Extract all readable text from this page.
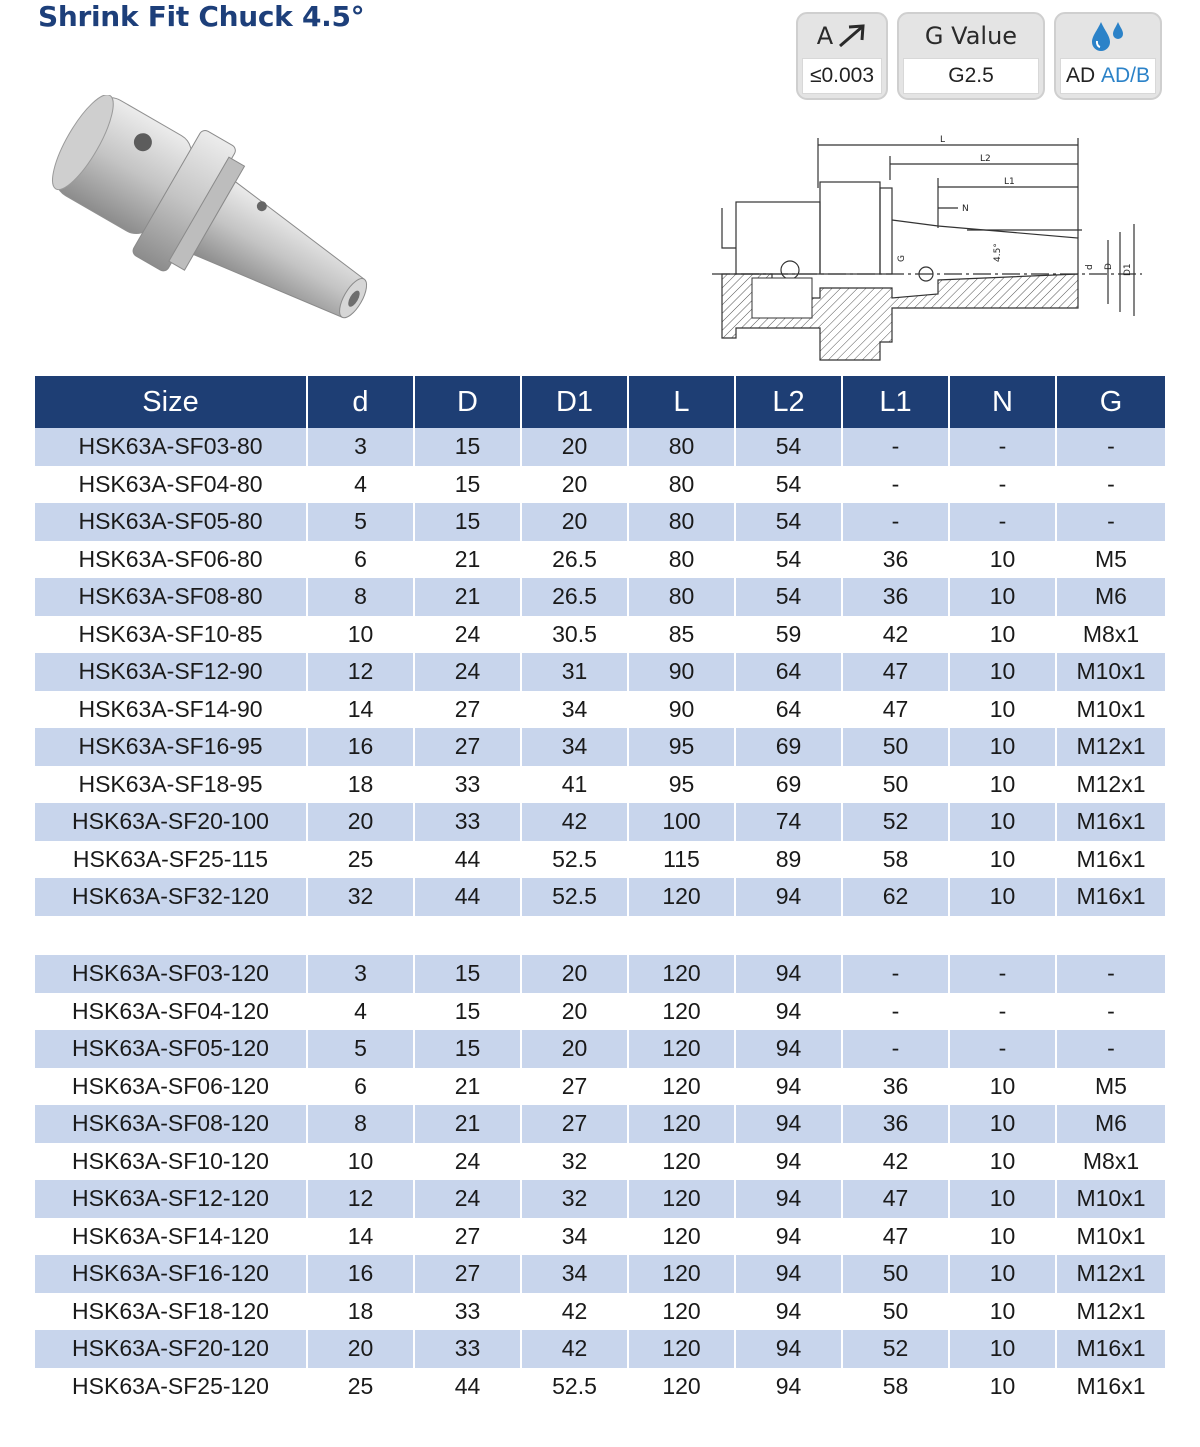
Shrink Fit Chuck 4.5°
A
≤0.003
G Value
G2.5	AD
AD/B
L
L2
L1
N
G	4.5°
d D D1
Size	d	D	D1	L	L2	L1	N	G
HSK63A-SF03-80	3	15	20	80	54	-	-	-
HSK63A-SF04-80	4	15	20	80	54	-	-	-
HSK63A-SF05-80	5	15	20	80	54	-	-	-
HSK63A-SF06-80	6	21	26.5	80	54	36	10	M5
HSK63A-SF08-80	8	21	26.5	80	54	36	10	M6
HSK63A-SF10-85	10	24	30.5	85	59	42	10	M8x1
HSK63A-SF12-90	12	24	31	90	64	47	10	M10x1
HSK63A-SF14-90	14	27	34	90	64	47	10	M10x1
HSK63A-SF16-95	16	27	34	95	69	50	10	M12x1
HSK63A-SF18-95	18	33	41	95	69	50	10	M12x1
HSK63A-SF20-100	20	33	42	100	74	52	10	M16x1
HSK63A-SF25-115	25	44	52.5	115	89	58	10	M16x1
HSK63A-SF32-120	32	44	52.5	120	94	62	10	M16x1
HSK63A-SF03-120	3	15	20	120	94	-	-	-
HSK63A-SF04-120	4	15	20	120	94	-	-	-
HSK63A-SF05-120	5	15	20	120	94	-	-	-
HSK63A-SF06-120	6	21	27	120	94	36	10	M5
HSK63A-SF08-120	8	21	27	120	94	36	10	M6
HSK63A-SF10-120	10	24	32	120	94	42	10	M8x1
HSK63A-SF12-120	12	24	32	120	94	47	10	M10x1
HSK63A-SF14-120	14	27	34	120	94	47	10	M10x1
HSK63A-SF16-120	16	27	34	120	94	50	10	M12x1
HSK63A-SF18-120	18	33	42	120	94	50	10	M12x1
HSK63A-SF20-120	20	33	42	120	94	52	10	M16x1
HSK63A-SF25-120	25	44	52.5	120	94	58	10	M16x1
